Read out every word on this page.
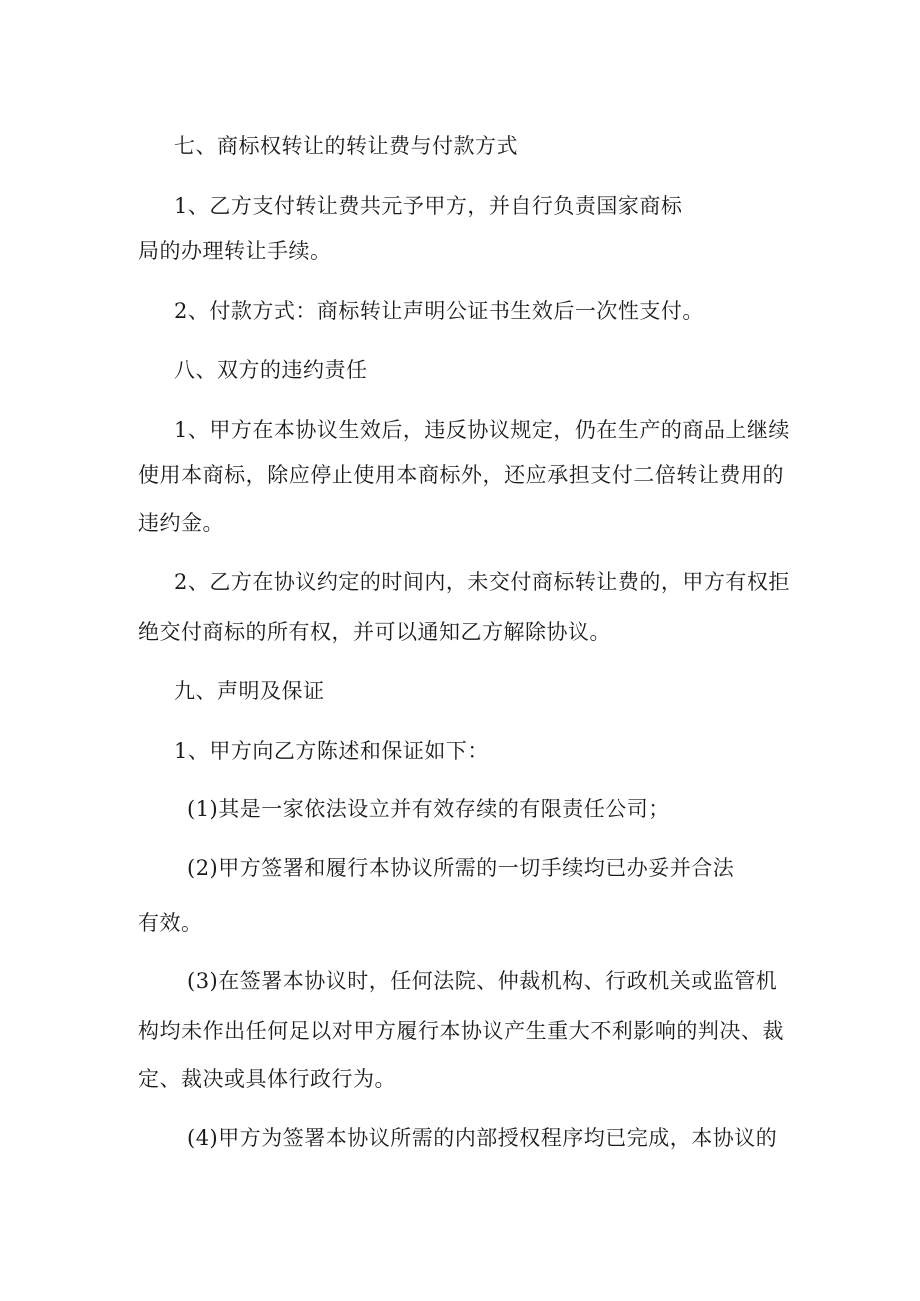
七、商标权转让的转让费与付款方式
1、乙方支付转让费共元予甲方，并自行负责国家商标
局的办理转让手续。
2、付款方式：商标转让声明公证书生效后一次性支付。
八、双方的违约责任
1、甲方在本协议生效后，违反协议规定，仍在生产的商品上继续
使用本商标，除应停止使用本商标外，还应承担支付二倍转让费用的
违约金。
2、乙方在协议约定的时间内，未交付商标转让费的，甲方有权拒
绝交付商标的所有权，并可以通知乙方解除协议。
九、声明及保证
1、甲方向乙方陈述和保证如下：
(1)其是一家依法设立并有效存续的有限责任公司；
(2)甲方签署和履行本协议所需的一切手续均已办妥并合法
有效。
(3)在签署本协议时，任何法院、仲裁机构、行政机关或监管机
构均未作出任何足以对甲方履行本协议产生重大不利影响的判决、裁
定、裁决或具体行政行为。
(4)甲方为签署本协议所需的内部授权程序均已完成，本协议的
